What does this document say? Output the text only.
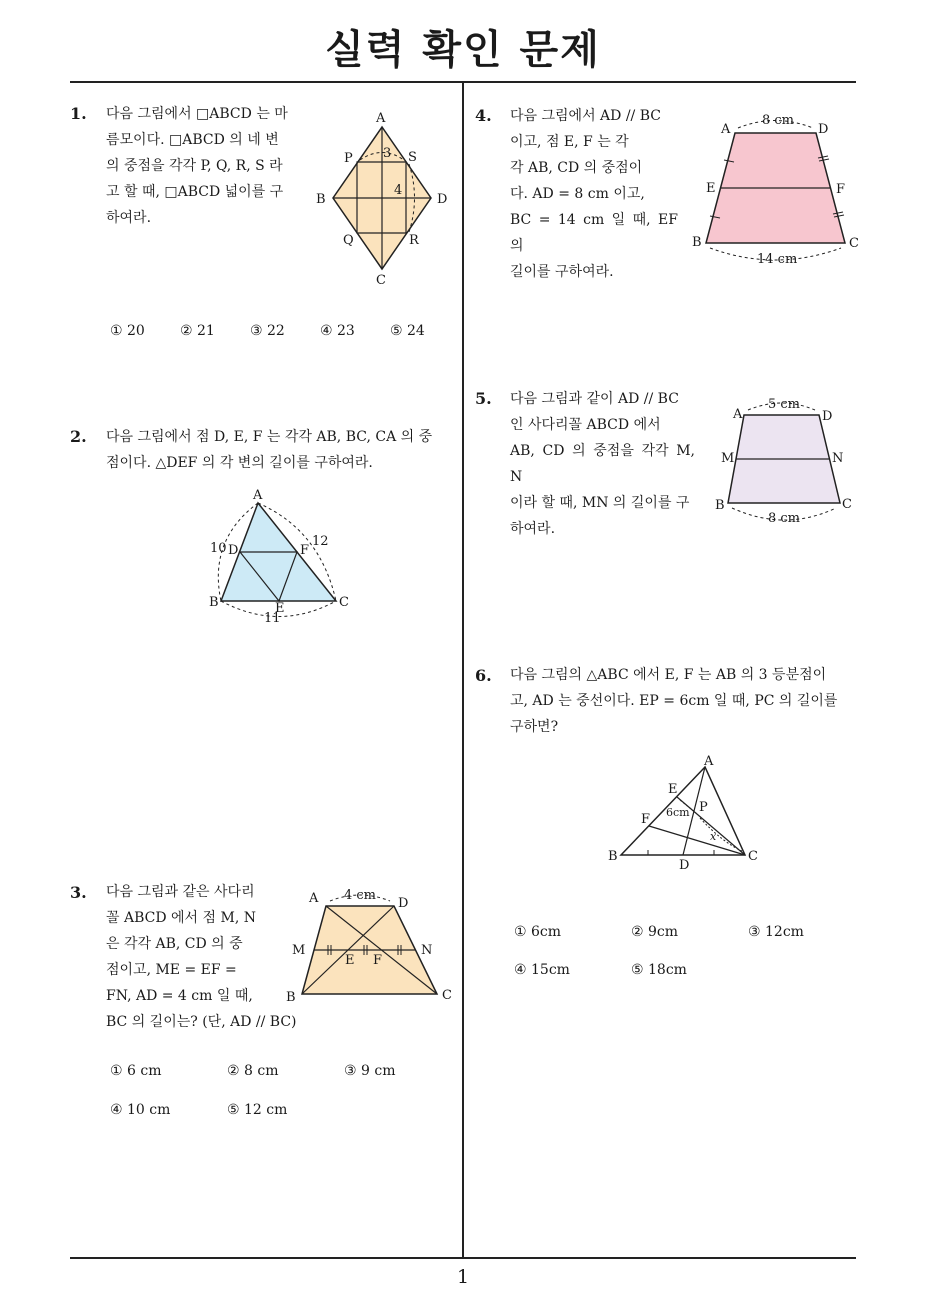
실력 확인 문제
1
1. 다음 그림에서 □ABCD 는 마
름모이다. □ABCD 의 네 변
의 중점을 각각 P, Q, R, S 라
고 할 때, □ABCD 넓이를 구
하여라.
A
B
C
D
P
Q	R
S
3
4
① 20	② 21	③ 22	④ 23	⑤ 24
2. 다음 그림에서 점 D, E, F 는 각각 AB, BC, CA 의 중
점이다. △DEF 의 각 변의 길이를 구하여라.
A
B	C
D
E
F
10	12
11
3. 다음 그림과 같은 사다리
꼴 ABCD 에서 점 M, N
은 각각 AB, CD 의 중
점이고, ME = EF =
FN, AD = 4 cm 일 때,
BC 의 길이는? (단, AD // BC)
A	D
B	C
M	N
E F
4 cm
① 6 cm	② 8 cm	③ 9 cm
④ 10 cm	⑤ 12 cm
4. 다음 그림에서 AD // BC
이고, 점 E, F 는 각
각 AB, CD 의 중점이
다. AD = 8 cm 이고,
BC = 14 cm 일 때, EF 의
길이를 구하여라.
A	D
B	C
E	F
8 cm
14 cm
5. 다음 그림과 같이 AD // BC
인 사다리꼴 ABCD 에서
AB, CD 의 중점을 각각 M, N
이라 할 때, MN 의 길이를 구
하여라.
A	D
B	C
M	N
5 cm
8 cm
6. 다음 그림의 △ABC 에서 E, F 는 AB 의 3 등분점이
고, AD 는 중선이다. EP = 6cm 일 때, PC 의 길이를
구하면?
A
B	C
D
E
F
P
6cm
x
① 6cm	② 9cm	③ 12cm
④ 15cm	⑤ 18cm
